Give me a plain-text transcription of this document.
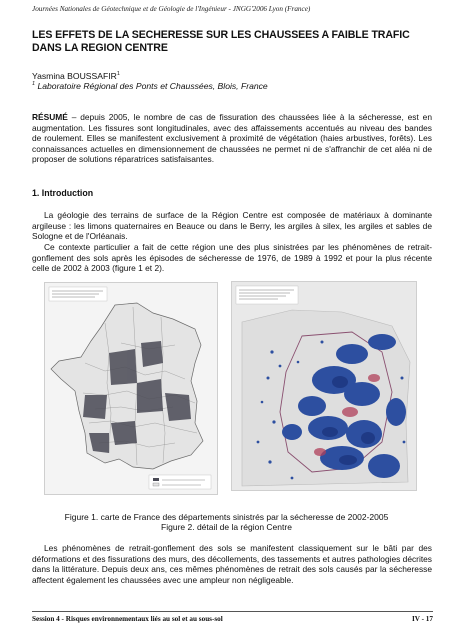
Journées Nationales de Géotechnique et de Géologie de l'Ingénieur - JNGG'2006 Lyon (France)
LES EFFETS DE LA SECHERESSE SUR LES CHAUSSEES A FAIBLE TRAFIC DANS LA REGION CENTRE
Yasmina BOUSSAFIR$^1$
$^1$ Laboratoire Régional des Ponts et Chaussées, Blois, France
RÉSUMÉ – depuis 2005, le nombre de cas de fissuration des chaussées liée à la sécheresse, est en augmentation. Les fissures sont longitudinales, avec des affaissements accentués au niveau des bandes de roulement. Elles se manifestent exclusivement à proximité de végétation (haies arbustives, forêts). Les connaissances actuelles en dimensionnement de chaussées ne permet ni de s'affranchir de cet aléa ni de proposer de solutions réparatrices satisfaisantes.
1. Introduction
La géologie des terrains de surface de la Région Centre est composée de matériaux à dominante argileuse : les limons quaternaires en Beauce ou dans le Berry, les argiles à silex, les argiles et sables de Sologne et de l'Orléanais.
Ce contexte particulier a fait de cette région une des plus sinistrées par les phénomènes de retrait-gonflement des sols après les épisodes de sécheresse de 1976, de 1989 à 1992 et pour la plus récente celle de 2002 à 2003 (figure 1 et 2).
Figure 1. carte de France des départements sinistrés par la sécheresse de 2002-2005
Figure 2. détail de la région Centre
Les phénomènes de retrait-gonflement des sols se manifestent classiquement sur le bâti par des déformations et des fissurations des murs, des décollements, des tassements et autres pathologies décrites dans la littérature. Depuis deux ans, ces mêmes phénomènes de retrait des sols causés par la sécheresse affectent également les chaussées avec une ampleur non négligeable.
Session 4 - Risques environnementaux liés au sol et au sous-sol	IV - 17
